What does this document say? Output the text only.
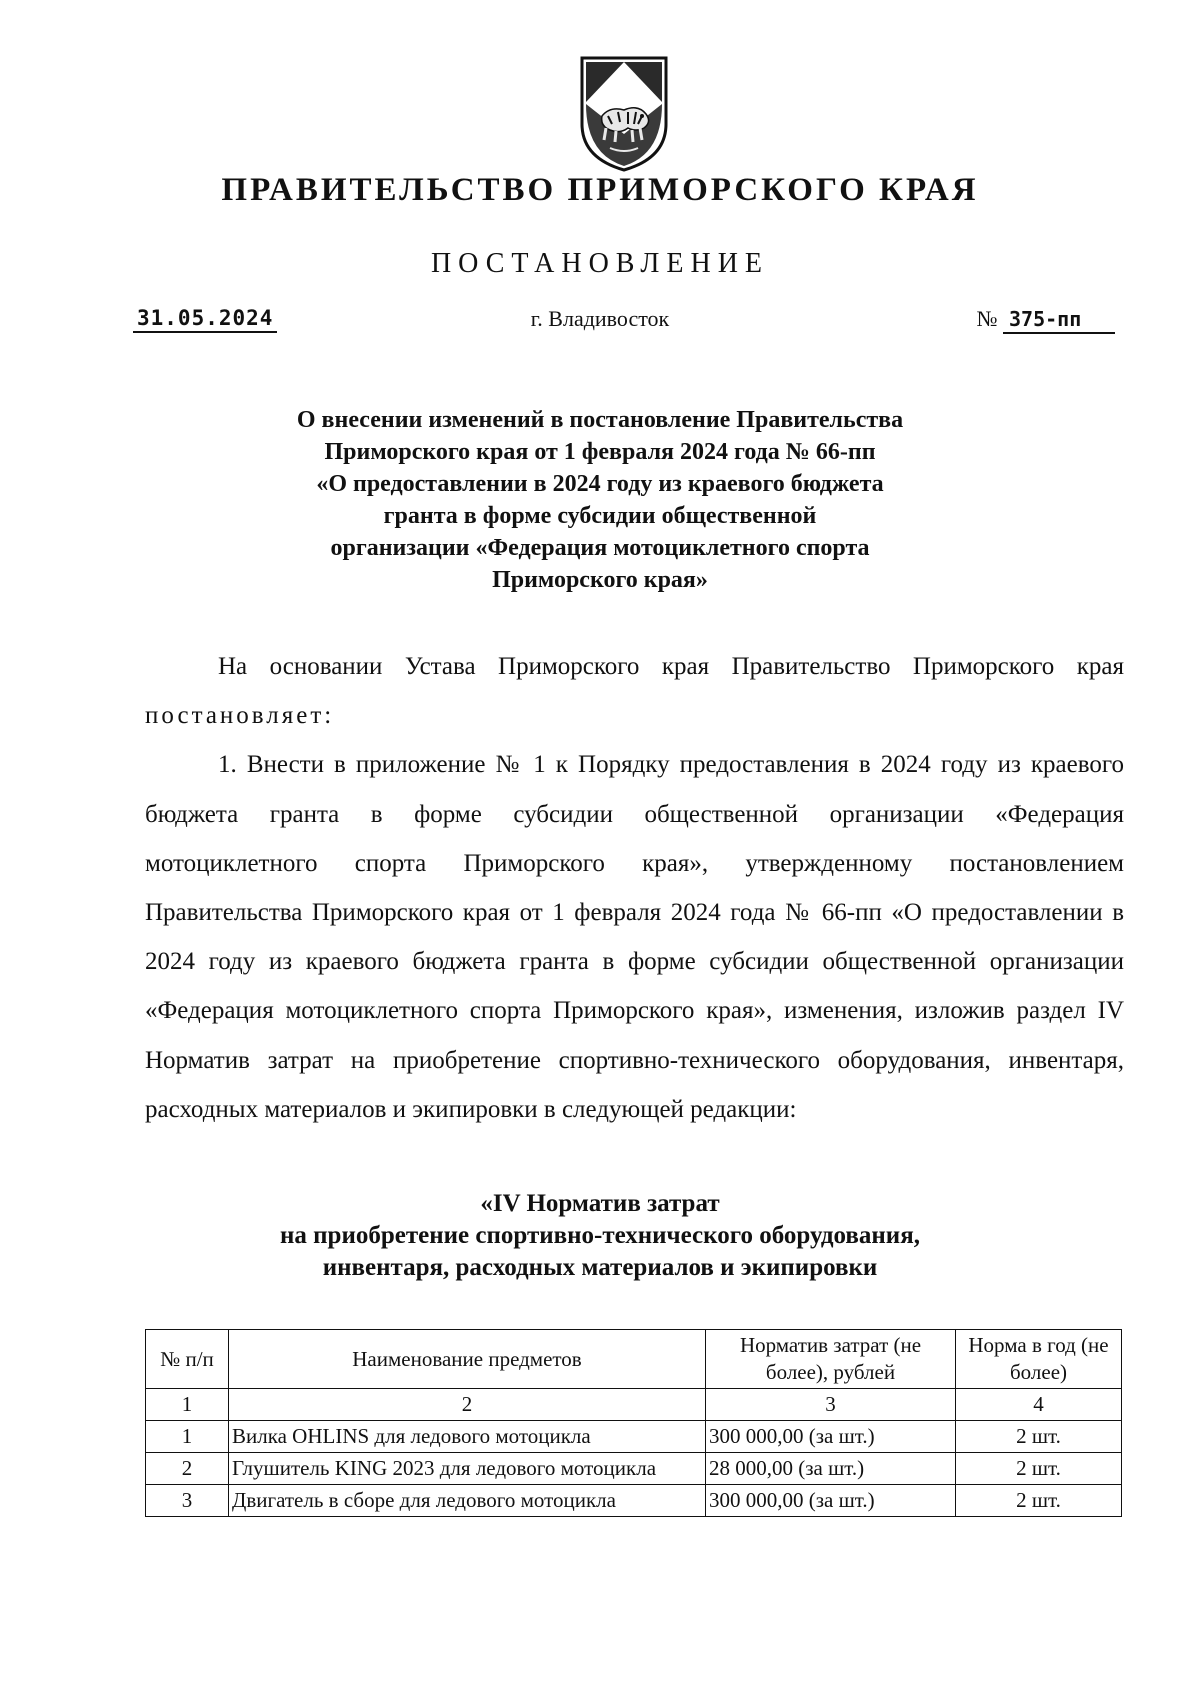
ПРАВИТЕЛЬСТВО ПРИМОРСКОГО КРАЯ
ПОСТАНОВЛЕНИЕ
31.05.2024	г. Владивосток	№ 375-пп
О внесении изменений в постановление Правительства
Приморского края от 1 февраля 2024 года № 66-пп
«О предоставлении в 2024 году из краевого бюджета
гранта в форме субсидии общественной
организации «Федерация мотоциклетного спорта
Приморского края»

На основании Устава Приморского края Правительство Приморского края постановляет:

1. Внести в приложение № 1 к Порядку предоставления в 2024 году из краевого бюджета гранта в форме субсидии общественной организации «Федерация мотоциклетного спорта Приморского края», утвержденному постановлением Правительства Приморского края от 1 февраля 2024 года № 66-пп «О предоставлении в 2024 году из краевого бюджета гранта в форме субсидии общественной организации «Федерация мотоциклетного спорта Приморского края», изменения, изложив раздел IV Норматив затрат на приобретение спортивно-технического оборудования, инвентаря, расходных материалов и экипировки в следующей редакции:

«IV Норматив затрат
на приобретение спортивно-технического оборудования,
инвентаря, расходных материалов и экипировки
№ п/п	Наименование предметов	Норматив затрат (не более), рублей	Норма в год (не более)
1	2	3	4
1	Вилка OHLINS для ледового мотоцикла	300 000,00 (за шт.)	2 шт.
2	Глушитель KING 2023 для ледового мотоцикла	28 000,00 (за шт.)	2 шт.
3	Двигатель в сборе для ледового мотоцикла	300 000,00 (за шт.)	2 шт.
